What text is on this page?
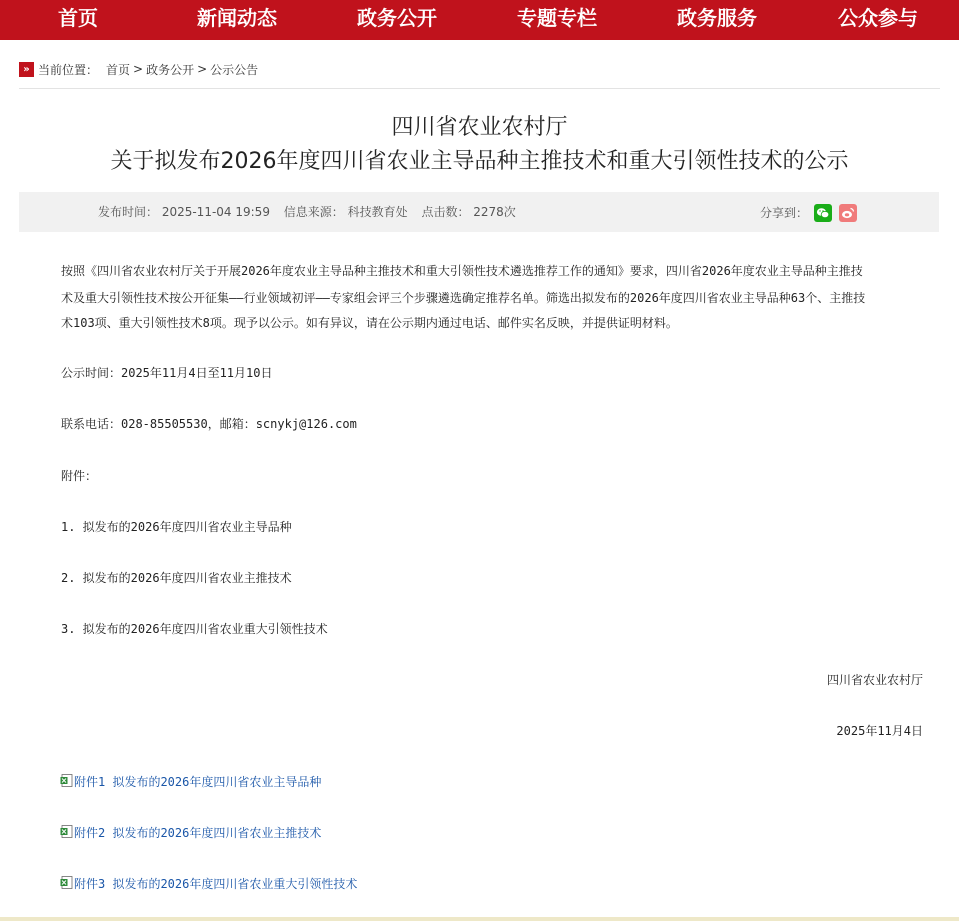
首页	新闻动态	政务公开	专题专栏	政务服务	公众参与
» 当前位置： 首页 > 政务公开 > 公示公告
四川省农业农村厅
关于拟发布2026年度四川省农业主导品种主推技术和重大引领性技术的公示
发布时间： 2025-11-04 19:59 信息来源： 科技教育处 点击数： 2278次	分享到：
按照《四川省农业农村厅关于开展2026年度农业主导品种主推技术和重大引领性技术遴选推荐工作的通知》要求，四川省2026年度农业主导品种主推技
术及重大引领性技术按公开征集——行业领域初评——专家组会评三个步骤遴选确定推荐名单。筛选出拟发布的2026年度四川省农业主导品种63个、主推技
术103项、重大引领性技术8项。现予以公示。如有异议，请在公示期内通过电话、邮件实名反映，并提供证明材料。
公示时间：2025年11月4日至11月10日
联系电话：028-85505530，邮箱：scnykj@126.com
附件：
1. 拟发布的2026年度四川省农业主导品种
2. 拟发布的2026年度四川省农业主推技术
3. 拟发布的2026年度四川省农业重大引领性技术
四川省农业农村厅
2025年11月4日
附件1 拟发布的2026年度四川省农业主导品种
附件2 拟发布的2026年度四川省农业主推技术
附件3 拟发布的2026年度四川省农业重大引领性技术
